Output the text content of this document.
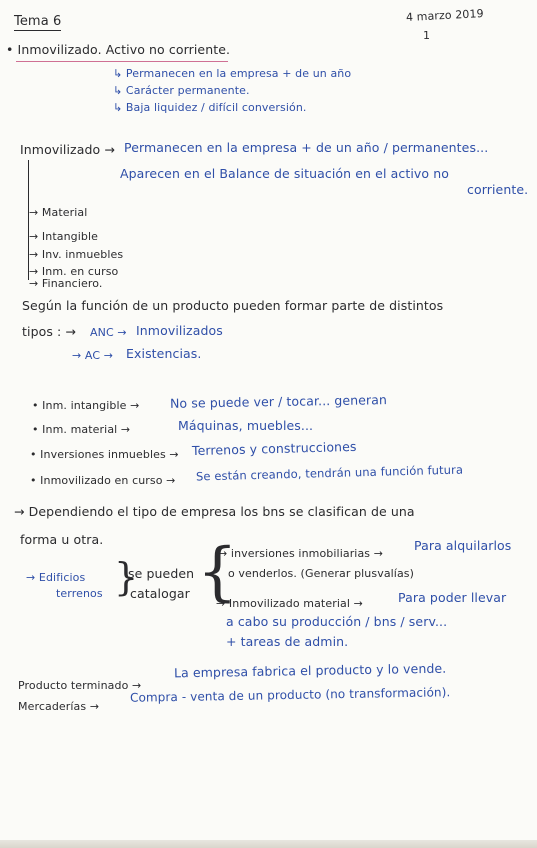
Tema 6	4 marzo 2019
1
• Inmovilizado. Activo no corriente.
↳ Permanecen en la empresa + de un año
↳ Carácter permanente.
↳ Baja liquidez / difícil conversión.
Inmovilizado → Permanecen en la empresa + de un año / permanentes...
Aparecen en el Balance de situación en el activo no
corriente.
→ Material
→ Intangible
→ Inv. inmuebles
→ Inm. en curso
→ Financiero.
Según la función de un producto pueden formar parte de distintos
tipos : → ANC → Inmovilizados
→ AC → Existencias.
• Inm. intangible → No se puede ver / tocar... generan
• Inm. material →	Máquinas, muebles...
• Inversiones inmuebles → Terrenos y construcciones
• Inmovilizado en curso → Se están creando, tendrán una función futura
→ Dependiendo el tipo de empresa los bns se clasifican de una
forma u otra.
→ Edificios
terrenos }
se pueden
catalogar {
→ inversiones inmobiliarias →
Para alquilarlos
o venderlos. (Generar plusvalías)
→ Inmovilizado material →	Para poder llevar
a cabo su producción / bns / serv...
+ tareas de admin.
Producto terminado →
La empresa fabrica el producto y lo vende.
Mercaderías →
Compra - venta de un producto (no transformación).
